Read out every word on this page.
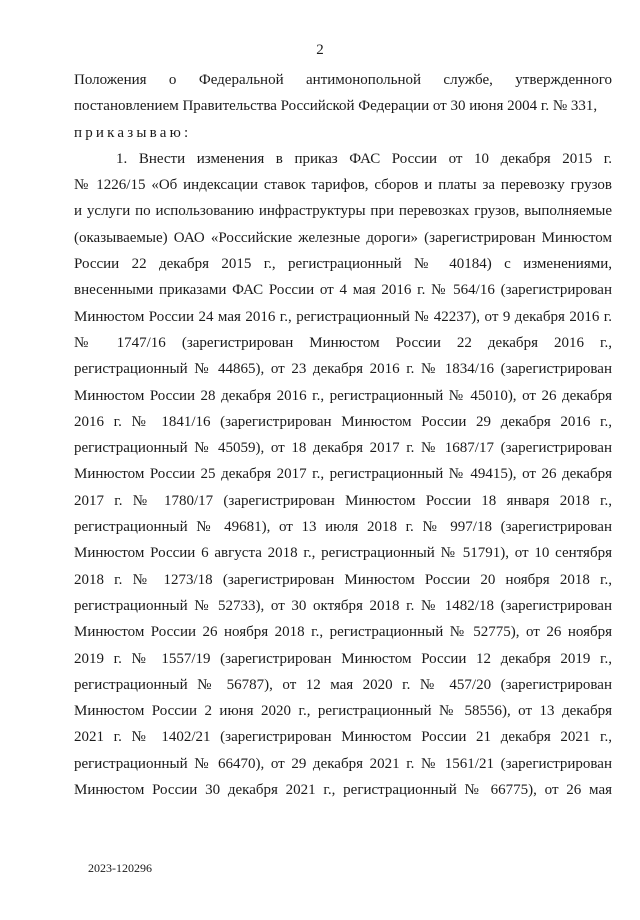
2
Положения о Федеральной антимонопольной службе, утвержденного
постановлением Правительства Российской Федерации от 30 июня 2004 г. № 331,
приказываю:
1. Внести изменения в приказ ФАС России от 10 декабря 2015 г.
№ 1226/15 «Об индексации ставок тарифов, сборов и платы за перевозку грузов
и услуги по использованию инфраструктуры при перевозках грузов, выполняемые
(оказываемые) ОАО «Российские железные дороги» (зарегистрирован Минюстом
России 22 декабря 2015 г., регистрационный № 40184) с изменениями,
внесенными приказами ФАС России от 4 мая 2016 г. № 564/16 (зарегистрирован
Минюстом России 24 мая 2016 г., регистрационный № 42237), от 9 декабря 2016 г.
№ 1747/16 (зарегистрирован Минюстом России 22 декабря 2016 г.,
регистрационный № 44865), от 23 декабря 2016 г. № 1834/16 (зарегистрирован
Минюстом России 28 декабря 2016 г., регистрационный № 45010), от 26 декабря
2016 г. № 1841/16 (зарегистрирован Минюстом России 29 декабря 2016 г.,
регистрационный № 45059), от 18 декабря 2017 г. № 1687/17 (зарегистрирован
Минюстом России 25 декабря 2017 г., регистрационный № 49415), от 26 декабря
2017 г. № 1780/17 (зарегистрирован Минюстом России 18 января 2018 г.,
регистрационный № 49681), от 13 июля 2018 г. № 997/18 (зарегистрирован
Минюстом России 6 августа 2018 г., регистрационный № 51791), от 10 сентября
2018 г. № 1273/18 (зарегистрирован Минюстом России 20 ноября 2018 г.,
регистрационный № 52733), от 30 октября 2018 г. № 1482/18 (зарегистрирован
Минюстом России 26 ноября 2018 г., регистрационный № 52775), от 26 ноября
2019 г. № 1557/19 (зарегистрирован Минюстом России 12 декабря 2019 г.,
регистрационный № 56787), от 12 мая 2020 г. № 457/20 (зарегистрирован
Минюстом России 2 июня 2020 г., регистрационный № 58556), от 13 декабря
2021 г. № 1402/21 (зарегистрирован Минюстом России 21 декабря 2021 г.,
регистрационный № 66470), от 29 декабря 2021 г. № 1561/21 (зарегистрирован
Минюстом России 30 декабря 2021 г., регистрационный № 66775), от 26 мая
2023-120296
